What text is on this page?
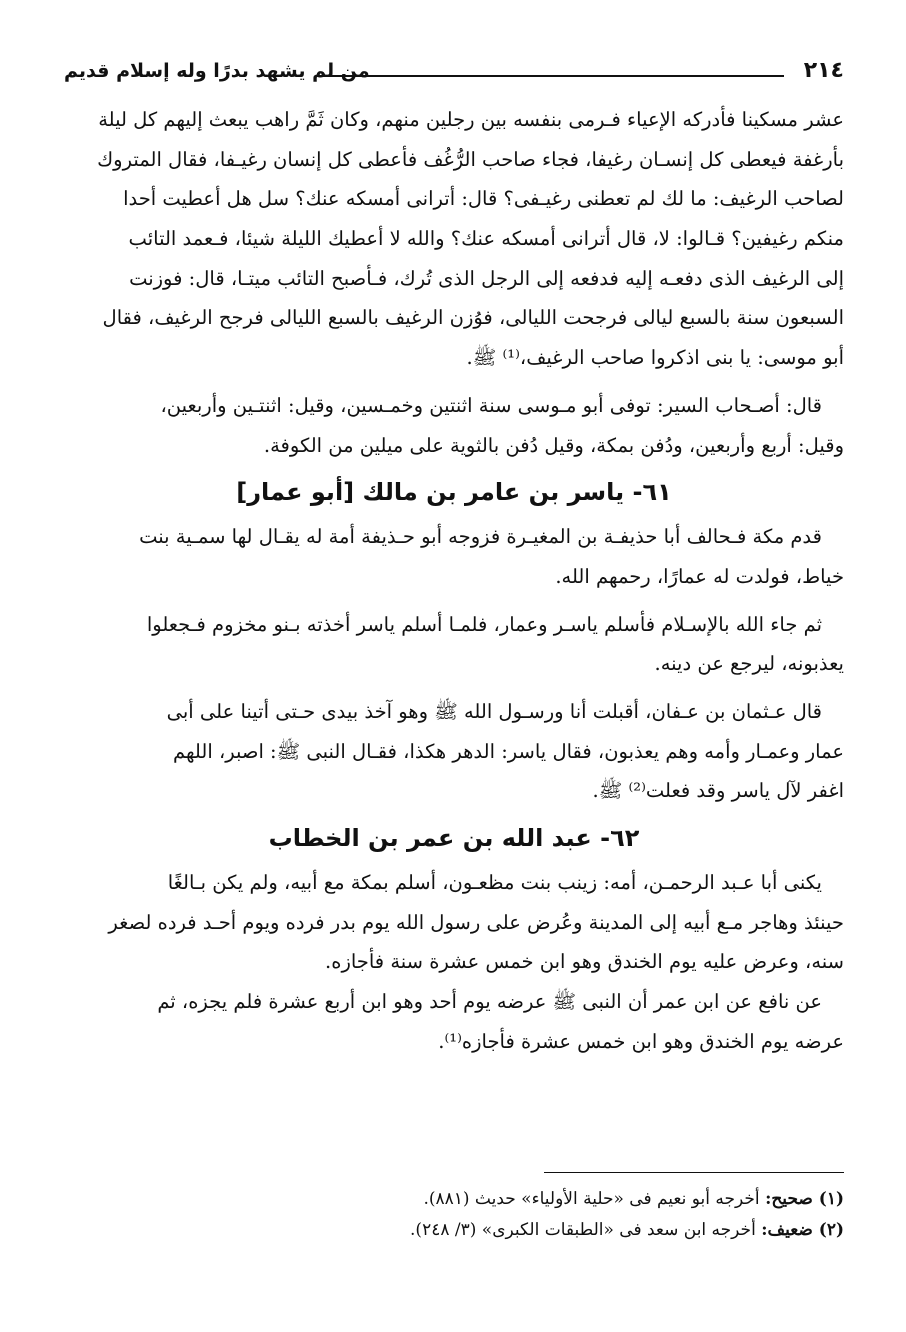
من لم يشهد بدرًا وله إسلام قديم	٢١٤

عشر مسكينا فأدركه الإعياء فـرمى بنفسه بين رجلين منهم، وكان ثَمَّ راهب يبعث إليهم كل ليلة
بأرغفة فيعطى كل إنسـان رغيفا، فجاء صاحب الرُّغُف فأعطى كل إنسان رغيـفا، فقال المتروك
لصاحب الرغيف: ما لك لم تعطنى رغيـفى؟ قال: أترانى أمسكه عنك؟ سل هل أعطيت أحدا
منكم رغيفين؟ قـالوا: لا، قال أترانى أمسكه عنك؟ والله لا أعطيك الليلة شيئا، فـعمد التائب
إلى الرغيف الذى دفعـه إليه فدفعه إلى الرجل الذى تُرك، فـأصبح التائب ميتـا، قال: فوزنت
السبعون سنة بالسبع ليالى فرجحت الليالى، فوُزن الرغيف بالسبع الليالى فرجح الرغيف، فقال
أبو موسى: يا بنى اذكروا صاحب الرغيف،⁽¹⁾ ﷺ.

قال: أصـحاب السير: توفى أبو مـوسى سنة اثنتين وخمـسين، وقيل: اثنتـين وأربعين،
وقيل: أربع وأربعين، ودُفن بمكة، وقيل دُفن بالثوية على ميلين من الكوفة.

٦١- ياسر بن عامر بن مالك [أبو عمار]

قدم مكة فـحالف أبا حذيفـة بن المغيـرة فزوجه أبو حـذيفة أمة له يقـال لها سمـية بنت
خياط، فولدت له عمارًا، رحمهم الله.

ثم جاء الله بالإسـلام فأسلم ياسـر وعمار، فلمـا أسلم ياسر أخذته بـنو مخزوم فـجعلوا
يعذبونه، ليرجع عن دينه.

قال عـثمان بن عـفان، أقبلت أنا ورسـول الله ﷺ وهو آخذ بيدى حـتى أتينا على أبى
عمار وعمـار وأمه وهم يعذبون، فقال ياسر: الدهر هكذا، فقـال النبى ﷺ: اصبر، اللهم
اغفر لآل ياسر وقد فعلت⁽²⁾ ﷺ.

٦٢- عبد الله بن عمر بن الخطاب

يكنى أبا عـبد الرحمـن، أمه: زينب بنت مظعـون، أسلم بمكة مع أبيه، ولم يكن بـالغًا
حينئذ وهاجر مـع أبيه إلى المدينة وعُرض على رسول الله يوم بدر فرده ويوم أحـد فرده لصغر
سنه، وعرض عليه يوم الخندق وهو ابن خمس عشرة سنة فأجازه.

عن نافع عن ابن عمر أن النبى ﷺ عرضه يوم أحد وهو ابن أربع عشرة فلم يجزه، ثم
عرضه يوم الخندق وهو ابن خمس عشرة فأجازه⁽¹⁾.

(١) صحيح: أخرجه أبو نعيم فى «حلية الأولياء» حديث (٨٨١).
(٢) ضعيف: أخرجه ابن سعد فى «الطبقات الكبرى» (٣/ ٢٤٨).
